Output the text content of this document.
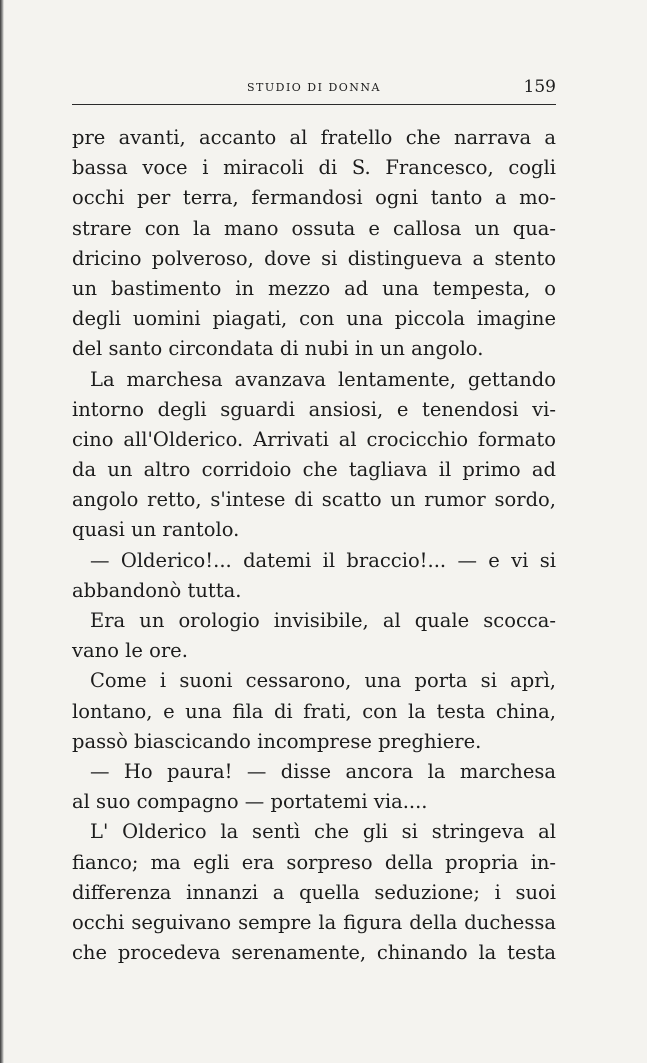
STUDIO DI DONNA	159
pre avanti, accanto al fratello che narrava a
bassa voce i miracoli di S. Francesco, cogli
occhi per terra, fermandosi ogni tanto a mo-
strare con la mano ossuta e callosa un qua-
dricino polveroso, dove si distingueva a stento
un bastimento in mezzo ad una tempesta, o
degli uomini piagati, con una piccola imagine
del santo circondata di nubi in un angolo.
La marchesa avanzava lentamente, gettando
intorno degli sguardi ansiosi, e tenendosi vi-
cino all'Olderico. Arrivati al crocicchio formato
da un altro corridoio che tagliava il primo ad
angolo retto, s'intese di scatto un rumor sordo,
quasi un rantolo.
— Olderico!... datemi il braccio!... — e vi si
abbandonò tutta.
Era un orologio invisibile, al quale scocca-
vano le ore.
Come i suoni cessarono, una porta si aprì,
lontano, e una fila di frati, con la testa china,
passò biascicando incomprese preghiere.
— Ho paura! — disse ancora la marchesa
al suo compagno — portatemi via....
L' Olderico la sentì che gli si stringeva al
fianco; ma egli era sorpreso della propria in-
differenza innanzi a quella seduzione; i suoi
occhi seguivano sempre la figura della duchessa
che procedeva serenamente, chinando la testa
